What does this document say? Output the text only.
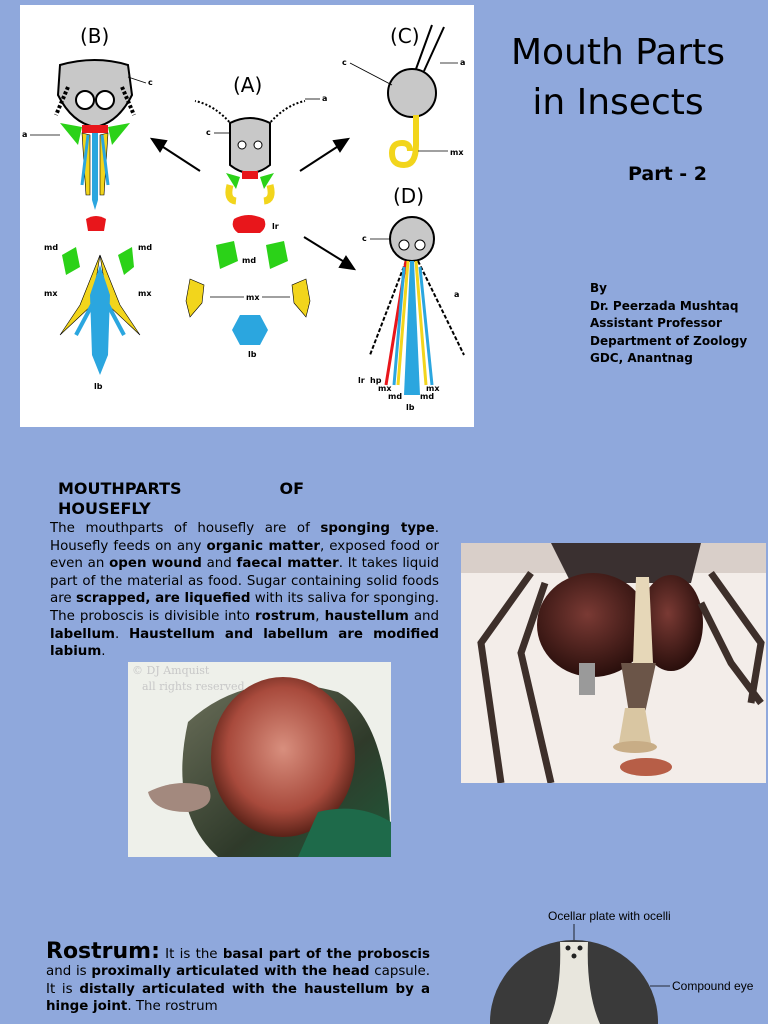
(B)
(A)
(C)
(D)
c
a
md	md
mx	mx
lb
a
c
lr
md
mx
lb
c	a
mx
c
a
lr hp
mx	mx
md md
lb
Mouth Parts
in Insects
Part - 2
By
Dr. Peerzada Mushtaq
Assistant Professor
Department of Zoology
GDC, Anantnag
MOUTHPARTS	OF
HOUSEFLY
The mouthparts of housefly are of sponging type. Housefly feeds on any organic matter, exposed food or even an open wound and faecal matter. It takes liquid part of the material as food. Sugar containing solid foods are scrapped, are liquefied with its saliva for sponging. The proboscis is divisible into rostrum, haustellum and labellum. Haustellum and labellum are modified labium.
© DJ Amquist
all rights reserved
Rostrum: It is the basal part of the proboscis and is proximally articulated with the head capsule. It is distally articulated with the haustellum by a hinge joint. The rostrum
Ocellar plate with ocelli
Compound eye
